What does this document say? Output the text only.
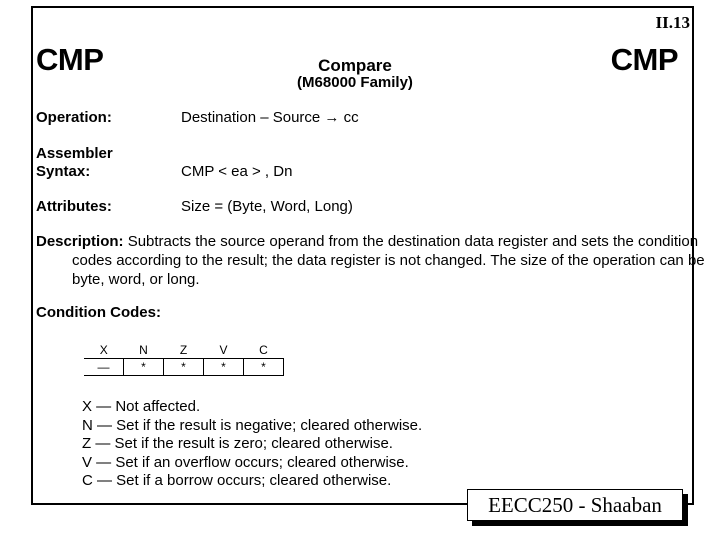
II.13
CMP	CMP
Compare
(M68000 Family)
Operation:	Destination – Source → cc
Assembler
Syntax:	CMP < ea > , Dn
Attributes:	Size = (Byte, Word, Long)
Description: Subtracts the source operand from the destination data register and sets the condition codes according to the result; the data register is not changed. The size of the operation can be byte, word, or long.
Condition Codes:
X	N	Z	V	C
—	*	*	*	*
X — Not affected.
N — Set if the result is negative; cleared otherwise.
Z — Set if the result is zero; cleared otherwise.
V — Set if an overflow occurs; cleared otherwise.
C — Set if a borrow occurs; cleared otherwise.
EECC250 - Shaaban
